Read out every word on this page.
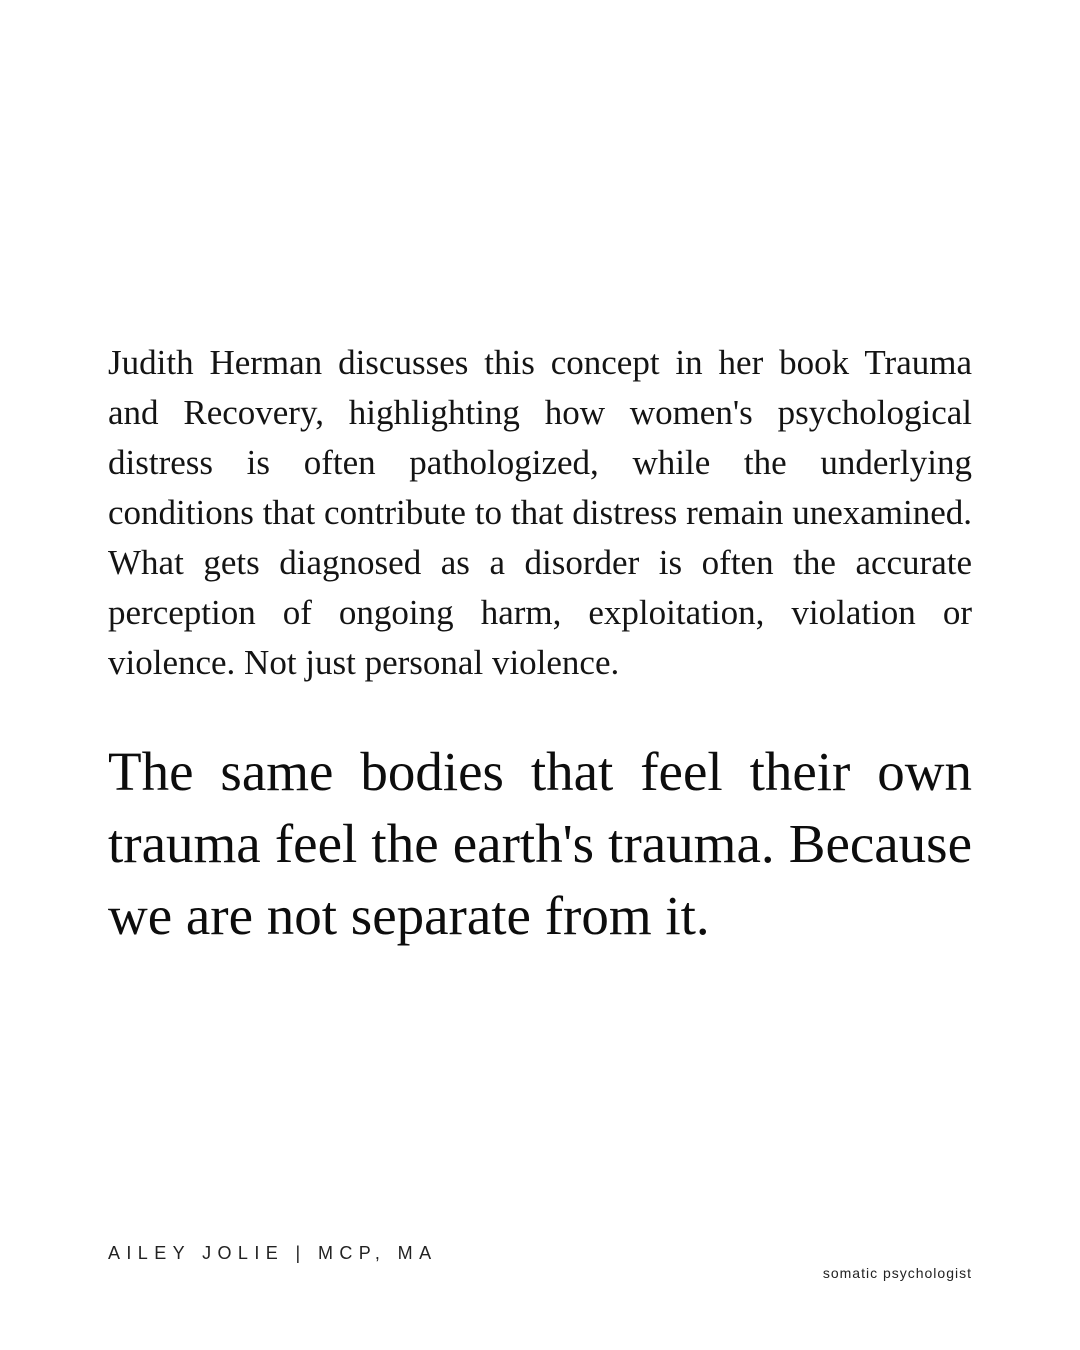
Judith Herman discusses this concept in her book Trauma and Recovery, highlighting how women's psychological distress is often pathologized, while the underlying conditions that contribute to that distress remain unexamined. What gets diagnosed as a disorder is often the accurate perception of ongoing harm, exploitation, violation or violence. Not just personal violence.

The same bodies that feel their own trauma feel the earth's trauma. Because we are not separate from it.

AILEY JOLIE | MCP, MA
somatic psychologist
